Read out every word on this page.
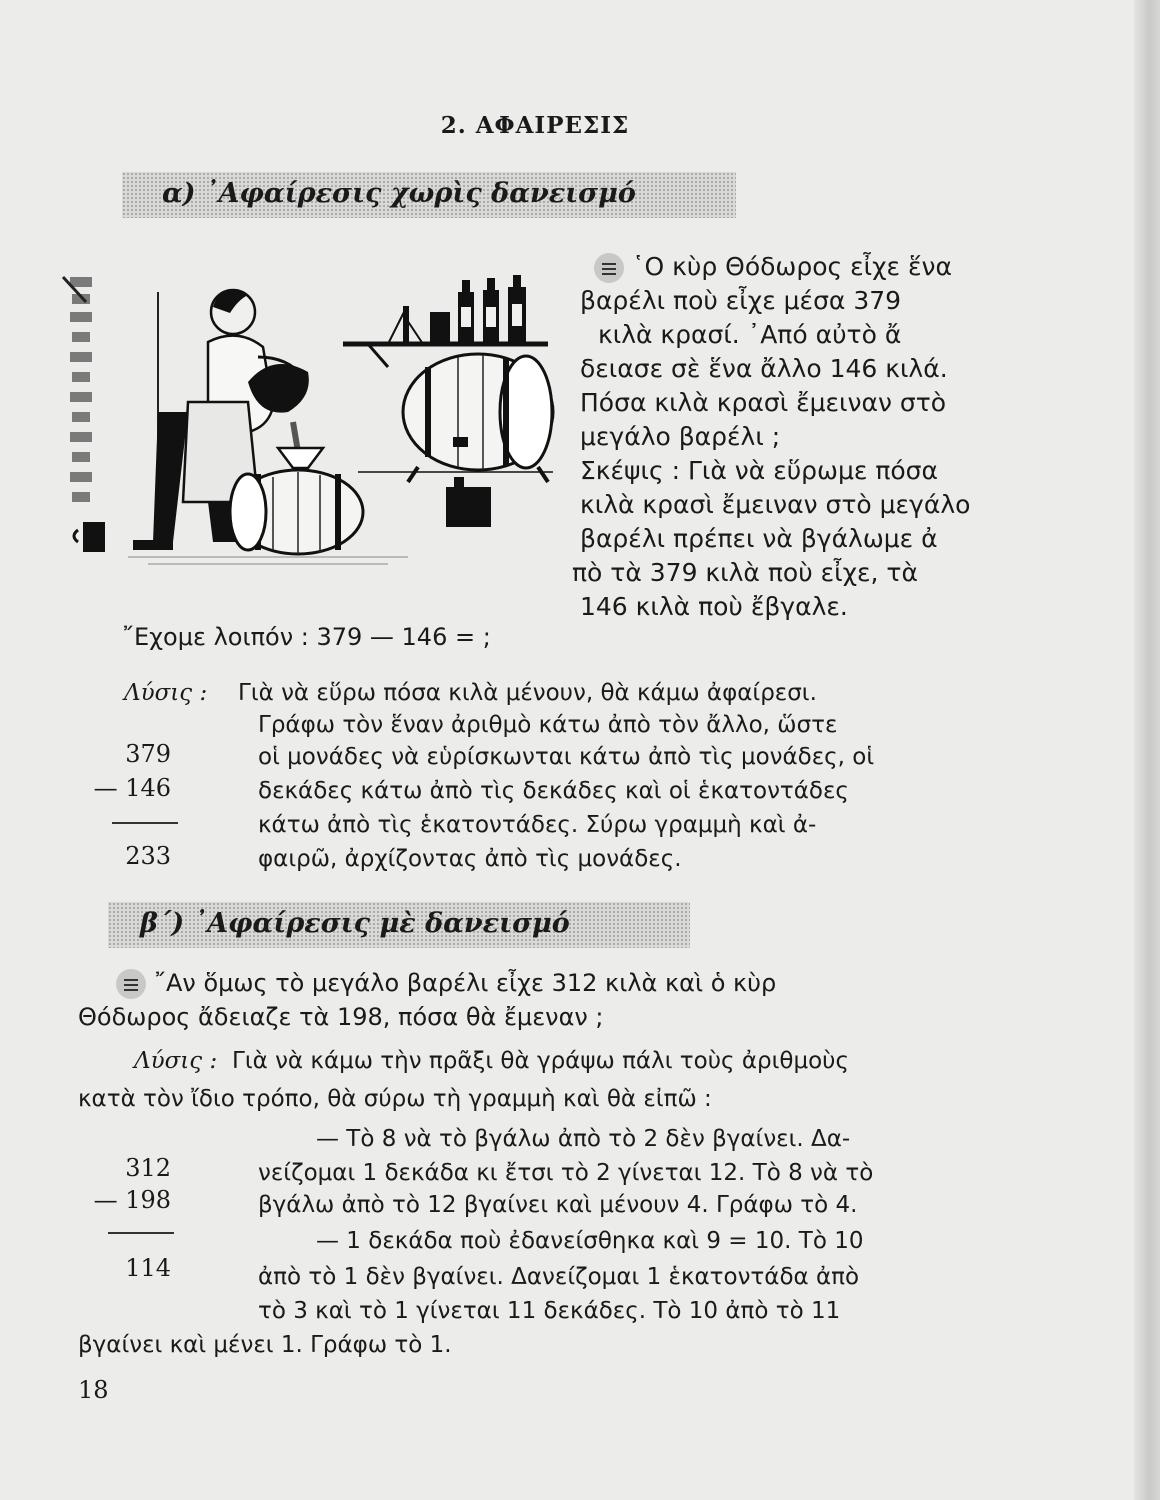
2. ΑΦΑΙΡΕΣΙΣ
α) ᾿Αφαίρεσις χωρὶς δανεισμό
῾Ο κὺρ Θόδωρος εἶχε ἕνα
βαρέλι ποὺ εἶχε μέσα 379
κιλὰ κρασί. ᾿Από αὐτὸ ἄ
δειασε σὲ ἕνα ἄλλο 146 κιλά.
Πόσα κιλὰ κρασὶ ἔμειναν στὸ
μεγάλο βαρέλι ;
Σκέψις : Γιὰ νὰ εὕρωμε πόσα
κιλὰ κρασὶ ἔμειναν στὸ μεγάλο
βαρέλι πρέπει νὰ βγάλωμε ἀ
πὸ τὰ 379 κιλὰ ποὺ εἶχε, τὰ
146 κιλὰ ποὺ ἔβγαλε.
῎Εχομε λοιπόν : 379 — 146 = ;
Λύσις : Γιὰ νὰ εὕρω πόσα κιλὰ μένουν, θὰ κάμω ἀφαίρεσι.
Γράφω τὸν ἕναν ἀριθμὸ κάτω ἀπὸ τὸν ἄλλο, ὥστε
οἱ μονάδες νὰ εὑρίσκωνται κάτω ἀπὸ τὶς μονάδες, οἱ
δεκάδες κάτω ἀπὸ τὶς δεκάδες καὶ οἱ ἑκατοντάδες
κάτω ἀπὸ τὶς ἑκατοντάδες. Σύρω γραμμὴ καὶ ἀ-
φαιρῶ, ἀρχίζοντας ἀπὸ τὶς μονάδες.
379
— 146
233
β΄) ᾿Αφαίρεσις μὲ δανεισμό
῎Αν ὅμως τὸ μεγάλο βαρέλι εἶχε 312 κιλὰ καὶ ὁ κὺρ
Θόδωρος ἄδειαζε τὰ 198, πόσα θὰ ἔμεναν ;
Λύσις : Γιὰ νὰ κάμω τὴν πρᾶξι θὰ γράψω πάλι τοὺς ἀριθμοὺς
κατὰ τὸν ἴδιο τρόπο, θὰ σύρω τὴ γραμμὴ καὶ θὰ εἰπῶ :
— Τὸ 8 νὰ τὸ βγάλω ἀπὸ τὸ 2 δὲν βγαίνει. Δα-
νείζομαι 1 δεκάδα κι ἔτσι τὸ 2 γίνεται 12. Τὸ 8 νὰ τὸ
βγάλω ἀπὸ τὸ 12 βγαίνει καὶ μένουν 4. Γράφω τὸ 4.
— 1 δεκάδα ποὺ ἐδανείσθηκα καὶ 9 = 10. Τὸ 10
ἀπὸ τὸ 1 δὲν βγαίνει. Δανείζομαι 1 ἑκατοντάδα ἀπὸ
τὸ 3 καὶ τὸ 1 γίνεται 11 δεκάδες. Τὸ 10 ἀπὸ τὸ 11
βγαίνει καὶ μένει 1. Γράφω τὸ 1.
312
— 198
114
18
